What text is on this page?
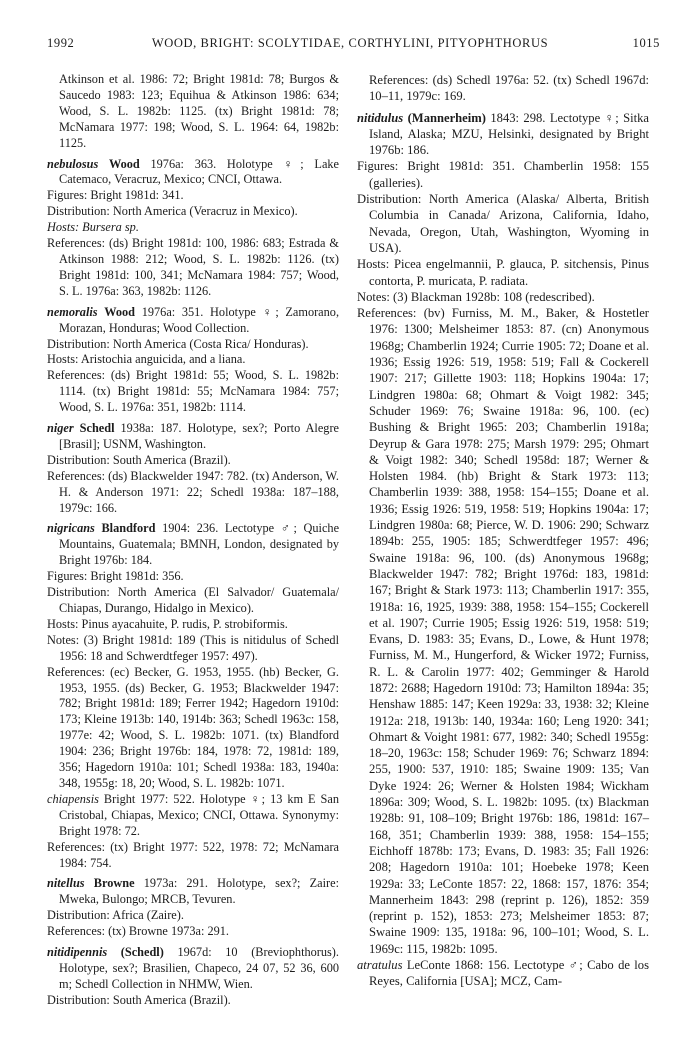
1992	WOOD, BRIGHT: SCOLYTIDAE, CORTHYLINI, PITYOPHTHORUS	1015
Atkinson et al. 1986: 72; Bright 1981d: 78; Burgos & Saucedo 1983: 123; Equihua & Atkinson 1986: 634; Wood, S. L. 1982b: 1125. (tx) Bright 1981d: 78; McNamara 1977: 198; Wood, S. L. 1964: 64, 1982b: 1125.
nebulosus Wood 1976a: 363. Holotype ♀; Lake Catemaco, Veracruz, Mexico; CNCI, Ottawa.
Figures: Bright 1981d: 341.
Distribution: North America (Veracruz in Mexico).
Hosts: Bursera sp.
References: (ds) Bright 1981d: 100, 1986: 683; Estrada & Atkinson 1988: 212; Wood, S. L. 1982b: 1126. (tx) Bright 1981d: 100, 341; McNamara 1984: 757; Wood, S. L. 1976a: 363, 1982b: 1126.
nemoralis Wood 1976a: 351. Holotype ♀; Zamorano, Morazan, Honduras; Wood Collection.
Distribution: North America (Costa Rica/ Honduras).
Hosts: Aristochia anguicida, and a liana.
References: (ds) Bright 1981d: 55; Wood, S. L. 1982b: 1114. (tx) Bright 1981d: 55; McNamara 1984: 757; Wood, S. L. 1976a: 351, 1982b: 1114.
niger Schedl 1938a: 187. Holotype, sex?; Porto Alegre [Brasil]; USNM, Washington.
Distribution: South America (Brazil).
References: (ds) Blackwelder 1947: 782. (tx) Anderson, W. H. & Anderson 1971: 22; Schedl 1938a: 187–188, 1979c: 166.
nigricans Blandford 1904: 236. Lectotype ♂; Quiche Mountains, Guatemala; BMNH, London, designated by Bright 1976b: 184.
Figures: Bright 1981d: 356.
Distribution: North America (El Salvador/ Guatemala/ Chiapas, Durango, Hidalgo in Mexico).
Hosts: Pinus ayacahuite, P. rudis, P. strobiformis.
Notes: (3) Bright 1981d: 189 (This is nitidulus of Schedl 1956: 18 and Schwerdtfeger 1957: 497).
References: (ec) Becker, G. 1953, 1955. (hb) Becker, G. 1953, 1955. (ds) Becker, G. 1953; Blackwelder 1947: 782; Bright 1981d: 189; Ferrer 1942; Hagedorn 1910d: 173; Kleine 1913b: 140, 1914b: 363; Schedl 1963c: 158, 1977e: 42; Wood, S. L. 1982b: 1071. (tx) Blandford 1904: 236; Bright 1976b: 184, 1978: 72, 1981d: 189, 356; Hagedorn 1910a: 101; Schedl 1938a: 183, 1940a: 348, 1955g: 18, 20; Wood, S. L. 1982b: 1071.
chiapensis Bright 1977: 522. Holotype ♀; 13 km E San Cristobal, Chiapas, Mexico; CNCI, Ottawa. Synonymy: Bright 1978: 72.
References: (tx) Bright 1977: 522, 1978: 72; McNamara 1984: 754.
nitellus Browne 1973a: 291. Holotype, sex?; Zaire: Mweka, Bulongo; MRCB, Tevuren.
Distribution: Africa (Zaire).
References: (tx) Browne 1973a: 291.
nitidipennis (Schedl) 1967d: 10 (Breviophthorus). Holotype, sex?; Brasilien, Chapeco, 24 07, 52 36, 600 m; Schedl Collection in NHMW, Wien.
Distribution: South America (Brazil).
References: (ds) Schedl 1976a: 52. (tx) Schedl 1967d: 10–11, 1979c: 169.
nitidulus (Mannerheim) 1843: 298. Lectotype ♀; Sitka Island, Alaska; MZU, Helsinki, designated by Bright 1976b: 186.
Figures: Bright 1981d: 351. Chamberlin 1958: 155 (galleries).
Distribution: North America (Alaska/ Alberta, British Columbia in Canada/ Arizona, California, Idaho, Nevada, Oregon, Utah, Washington, Wyoming in USA).
Hosts: Picea engelmannii, P. glauca, P. sitchensis, Pinus contorta, P. muricata, P. radiata.
Notes: (3) Blackman 1928b: 108 (redescribed).
References: (bv) Furniss, M. M., Baker, & Hostetler 1976: 1300; Melsheimer 1853: 87. (cn) Anonymous 1968g; Chamberlin 1924; Currie 1905: 72; Doane et al. 1936; Essig 1926: 519, 1958: 519; Fall & Cockerell 1907: 217; Gillette 1903: 118; Hopkins 1904a: 17; Lindgren 1980a: 68; Ohmart & Voigt 1982: 345; Schuder 1969: 76; Swaine 1918a: 96, 100. (ec) Bushing & Bright 1965: 203; Chamberlin 1918a; Deyrup & Gara 1978: 275; Marsh 1979: 295; Ohmart & Voigt 1982: 340; Schedl 1958d: 187; Werner & Holsten 1984. (hb) Bright & Stark 1973: 113; Chamberlin 1939: 388, 1958: 154–155; Doane et al. 1936; Essig 1926: 519, 1958: 519; Hopkins 1904a: 17; Lindgren 1980a: 68; Pierce, W. D. 1906: 290; Schwarz 1894b: 255, 1905: 185; Schwerdtfeger 1957: 496; Swaine 1918a: 96, 100. (ds) Anonymous 1968g; Blackwelder 1947: 782; Bright 1976d: 183, 1981d: 167; Bright & Stark 1973: 113; Chamberlin 1917: 355, 1918a: 16, 1925, 1939: 388, 1958: 154–155; Cockerell et al. 1907; Currie 1905; Essig 1926: 519, 1958: 519; Evans, D. 1983: 35; Evans, D., Lowe, & Hunt 1978; Furniss, M. M., Hungerford, & Wicker 1972; Furniss, R. L. & Carolin 1977: 402; Gemminger & Harold 1872: 2688; Hagedorn 1910d: 73; Hamilton 1894a: 35; Henshaw 1885: 147; Keen 1929a: 33, 1938: 32; Kleine 1912a: 218, 1913b: 140, 1934a: 160; Leng 1920: 341; Ohmart & Voight 1981: 677, 1982: 340; Schedl 1955g: 18–20, 1963c: 158; Schuder 1969: 76; Schwarz 1894: 255, 1900: 537, 1910: 185; Swaine 1909: 135; Van Dyke 1924: 26; Werner & Holsten 1984; Wickham 1896a: 309; Wood, S. L. 1982b: 1095. (tx) Blackman 1928b: 91, 108–109; Bright 1976b: 186, 1981d: 167–168, 351; Chamberlin 1939: 388, 1958: 154–155; Eichhoff 1878b: 173; Evans, D. 1983: 35; Fall 1926: 208; Hagedorn 1910a: 101; Hoebeke 1978; Keen 1929a: 33; LeConte 1857: 22, 1868: 157, 1876: 354; Mannerheim 1843: 298 (reprint p. 126), 1852: 359 (reprint p. 152), 1853: 273; Melsheimer 1853: 87; Swaine 1909: 135, 1918a: 96, 100–101; Wood, S. L. 1969c: 115, 1982b: 1095.
atratulus LeConte 1868: 156. Lectotype ♂; Cabo de los Reyes, California [USA]; MCZ, Cam-
